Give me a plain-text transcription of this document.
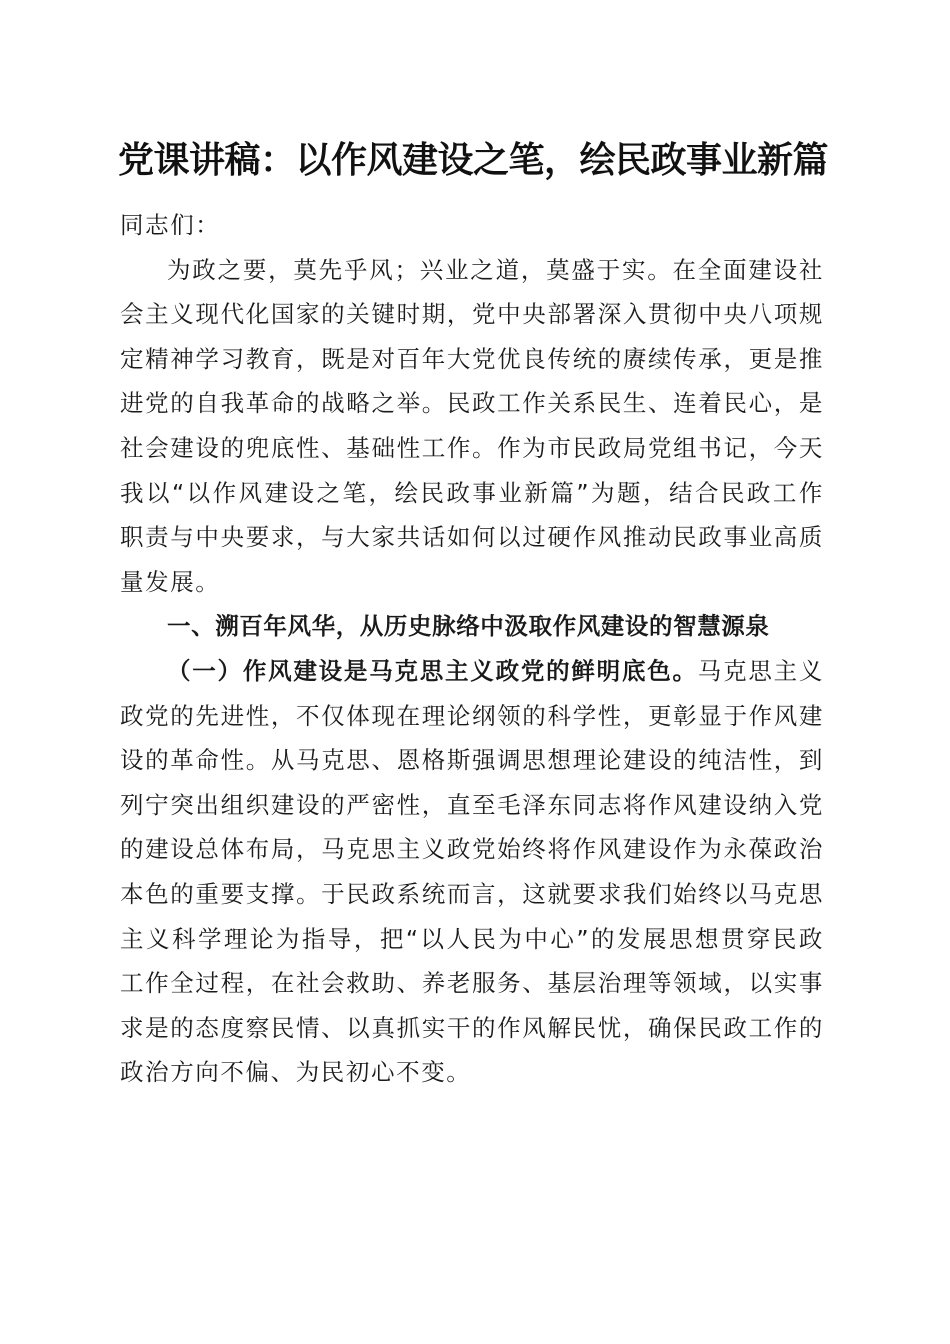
党课讲稿：以作风建设之笔，绘民政事业新篇

同志们：

为政之要，莫先乎风；兴业之道，莫盛于实。在全面建设社会主义现代化国家的关键时期，党中央部署深入贯彻中央八项规定精神学习教育，既是对百年大党优良传统的赓续传承，更是推进党的自我革命的战略之举。民政工作关系民生、连着民心，是社会建设的兜底性、基础性工作。作为市民政局党组书记，今天我以“以作风建设之笔，绘民政事业新篇”为题，结合民政工作职责与中央要求，与大家共话如何以过硬作风推动民政事业高质量发展。

一、溯百年风华，从历史脉络中汲取作风建设的智慧源泉

（一）作风建设是马克思主义政党的鲜明底色。马克思主义政党的先进性，不仅体现在理论纲领的科学性，更彰显于作风建设的革命性。从马克思、恩格斯强调思想理论建设的纯洁性，到列宁突出组织建设的严密性，直至毛泽东同志将作风建设纳入党的建设总体布局，马克思主义政党始终将作风建设作为永葆政治本色的重要支撑。于民政系统而言，这就要求我们始终以马克思主义科学理论为指导，把“以人民为中心”的发展思想贯穿民政工作全过程，在社会救助、养老服务、基层治理等领域，以实事求是的态度察民情、以真抓实干的作风解民忧，确保民政工作的政治方向不偏、为民初心不变。
